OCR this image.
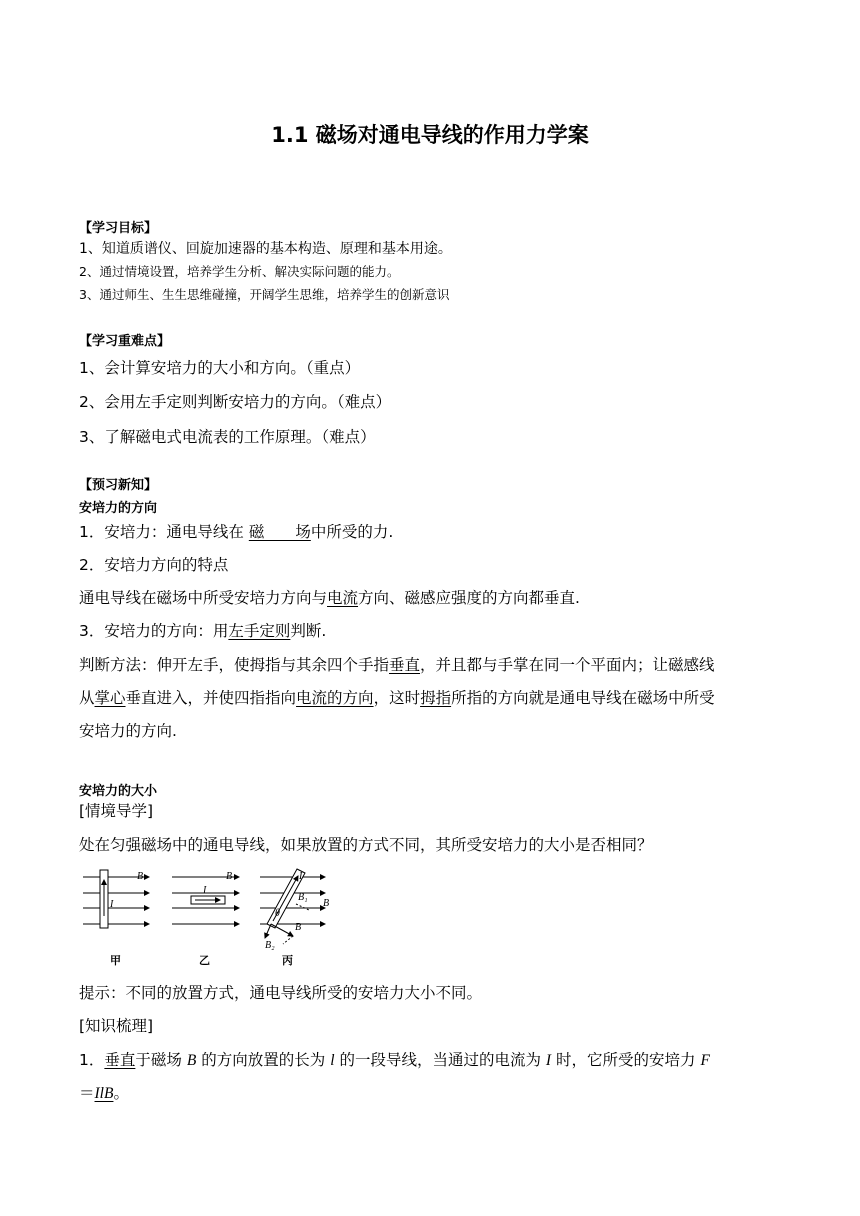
1.1 磁场对通电导线的作用力学案
【学习目标】
1、知道质谱仪、回旋加速器的基本构造、原理和基本用途。
2、通过情境设置，培养学生分析、解决实际问题的能力。
3、通过师生、生生思维碰撞，开阔学生思维，培养学生的创新意识
【学习重难点】
1、会计算安培力的大小和方向。（重点）
2、会用左手定则判断安培力的方向。（难点）
3、了解磁电式电流表的工作原理。（难点）
【预习新知】
安培力的方向
1．安培力：通电导线在 磁　　场中所受的力.
2．安培力方向的特点
通电导线在磁场中所受安培力方向与电流方向、磁感应强度的方向都垂直.
3．安培力的方向：用左手定则判断.
判断方法：伸开左手，使拇指与其余四个手指垂直，并且都与手掌在同一个平面内；让磁感线
从掌心垂直进入，并使四指指向电流的方向，这时拇指所指的方向就是通电导线在磁场中所受
安培力的方向.
安培力的大小
[情境导学]
处在匀强磁场中的通电导线，如果放置的方式不同，其所受安培力的大小是否相同？
B
I
B
I
I
B
B₁
θ
B
B₂
甲	乙	丙
提示：不同的放置方式，通电导线所受的安培力大小不同。
[知识梳理]
1．垂直于磁场 B 的方向放置的长为 l 的一段导线，当通过的电流为 I 时，它所受的安培力 F
＝IlB。
